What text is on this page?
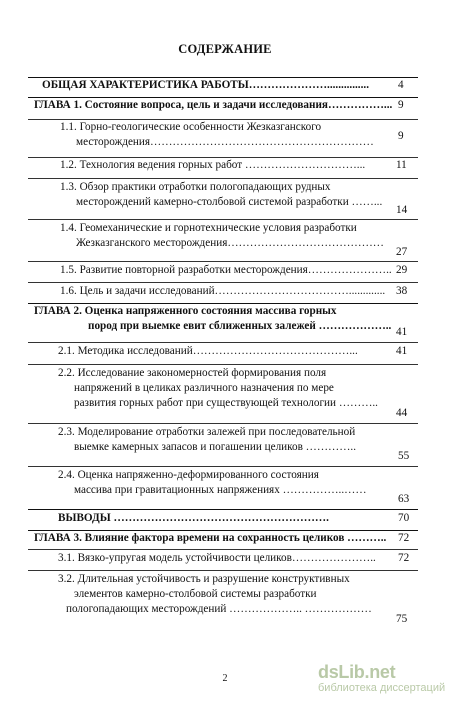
СОДЕРЖАНИЕ
ОБЩАЯ ХАРАКТЕРИСТИКА РАБОТЫ…………………...............	4
ГЛАВА 1. Состояние вопроса, цель и задачи исследования……………... 9
1.1. Горно-геологические особенности Жезказганского
месторождения…………………………………………………… 9
1.2. Технология ведения горных работ …………………………...	11
1.3. Обзор практики отработки пологопадающих рудных
месторождений камерно-столбовой системой разработки ……...
14
1.4. Геомеханические и горнотехнические условия разработки
Жезказганского месторождения……………………………………
27
1.5. Развитие повторной разработки месторождения………………….. 29
1.6. Цель и задачи исследований………………………………............. 38
ГЛАВА 2. Оценка напряженного состояния массива горных
пород при выемке евит сближенных залежей ……………….. 41
2.1. Методика исследований……………………………………...	41
2.2. Исследование закономерностей формирования поля
напряжений в целиках различного назначения по мере
развития горных работ при существующей технологии ………..
44
2.3. Моделирование отработки залежей при последовательной
выемке камерных запасов и погашении целиков …………..
55
2.4. Оценка напряженно-деформированного состояния
массива при гравитационных напряжениях ……………..……
63
ВЫВОДЫ ………………………………………………….	70
ГЛАВА 3. Влияние фактора времени на сохранность целиков ……….. 72
3.1. Вязко-упругая модель устойчивости целиков………………….. 72
3.2. Длительная устойчивость и разрушение конструктивных
элементов камерно-столбовой системы разработки
пологопадающих месторождений ……………….. ………………
75
2	dsLib.net
библиотека диссертаций
